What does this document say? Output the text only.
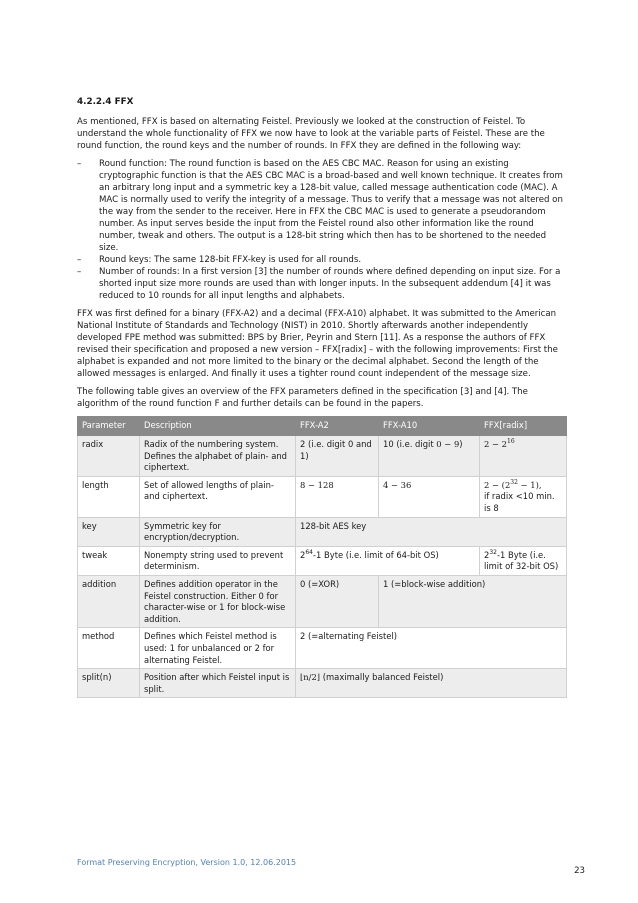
4.2.2.4 FFX

As mentioned, FFX is based on alternating Feistel. Previously we looked at the construction of Feistel. To understand the whole functionality of FFX we now have to look at the variable parts of Feistel. These are the round function, the round keys and the number of rounds. In FFX they are defined in the following way:

– Round function: The round function is based on the AES CBC MAC. Reason for using an existing cryptographic function is that the AES CBC MAC is a broad-based and well known technique. It creates from an arbitrary long input and a symmetric key a 128-bit value, called message authentication code (MAC). A MAC is normally used to verify the integrity of a message. Thus to verify that a message was not altered on the way from the sender to the receiver. Here in FFX the CBC MAC is used to generate a pseudorandom number. As input serves beside the input from the Feistel round also other information like the round number, tweak and others. The output is a 128-bit string which then has to be shortened to the needed size.
– Round keys: The same 128-bit FFX-key is used for all rounds.
– Number of rounds: In a first version [3] the number of rounds where defined depending on input size. For a shorted input size more rounds are used than with longer inputs. In the subsequent addendum [4] it was reduced to 10 rounds for all input lengths and alphabets.

FFX was first defined for a binary (FFX-A2) and a decimal (FFX-A10) alphabet. It was submitted to the American National Institute of Standards and Technology (NIST) in 2010. Shortly afterwards another independently developed FPE method was submitted: BPS by Brier, Peyrin and Stern [11]. As a response the authors of FFX revised their specification and proposed a new version – FFX[radix] – with the following improvements: First the alphabet is expanded and not more limited to the binary or the decimal alphabet. Second the length of the allowed messages is enlarged. And finally it uses a tighter round count independent of the message size.

The following table gives an overview of the FFX parameters defined in the specification [3] and [4]. The algorithm of the round function F and further details can be found in the papers.

Parameter	Description	FFX-A2	FFX-A10	FFX[radix]
radix	Radix of the numbering system. Defines the alphabet of plain- and ciphertext.	2 (i.e. digit 0 and 1)	10 (i.e. digit 0 − 9)	$2 - 2^{16}$
length	Set of allowed lengths of plain- and ciphertext.	8 − 128	4 − 36	$2 - (2^{32} - 1)$,
if radix <10 min. is 8
key	Symmetric key for encryption/decryption.	128-bit AES key		
tweak	Nonempty string used to prevent determinism.	$2^{64}-1$ Byte (i.e. limit of 64-bit OS)		$2^{32}-1$ Byte (i.e. limit of 32-bit OS)
addition	Defines addition operator in the Feistel construction. Either 0 for character-wise or 1 for block-wise addition.	0 (=XOR)	1 (=block-wise addition)	
method	Defines which Feistel method is used: 1 for unbalanced or 2 for alternating Feistel.	2 (=alternating Feistel)		
split(n)	Position after which Feistel input is split.	⌊n/2⌋ (maximally balanced Feistel)		
Format Preserving Encryption, Version 1.0, 12.06.2015
23
